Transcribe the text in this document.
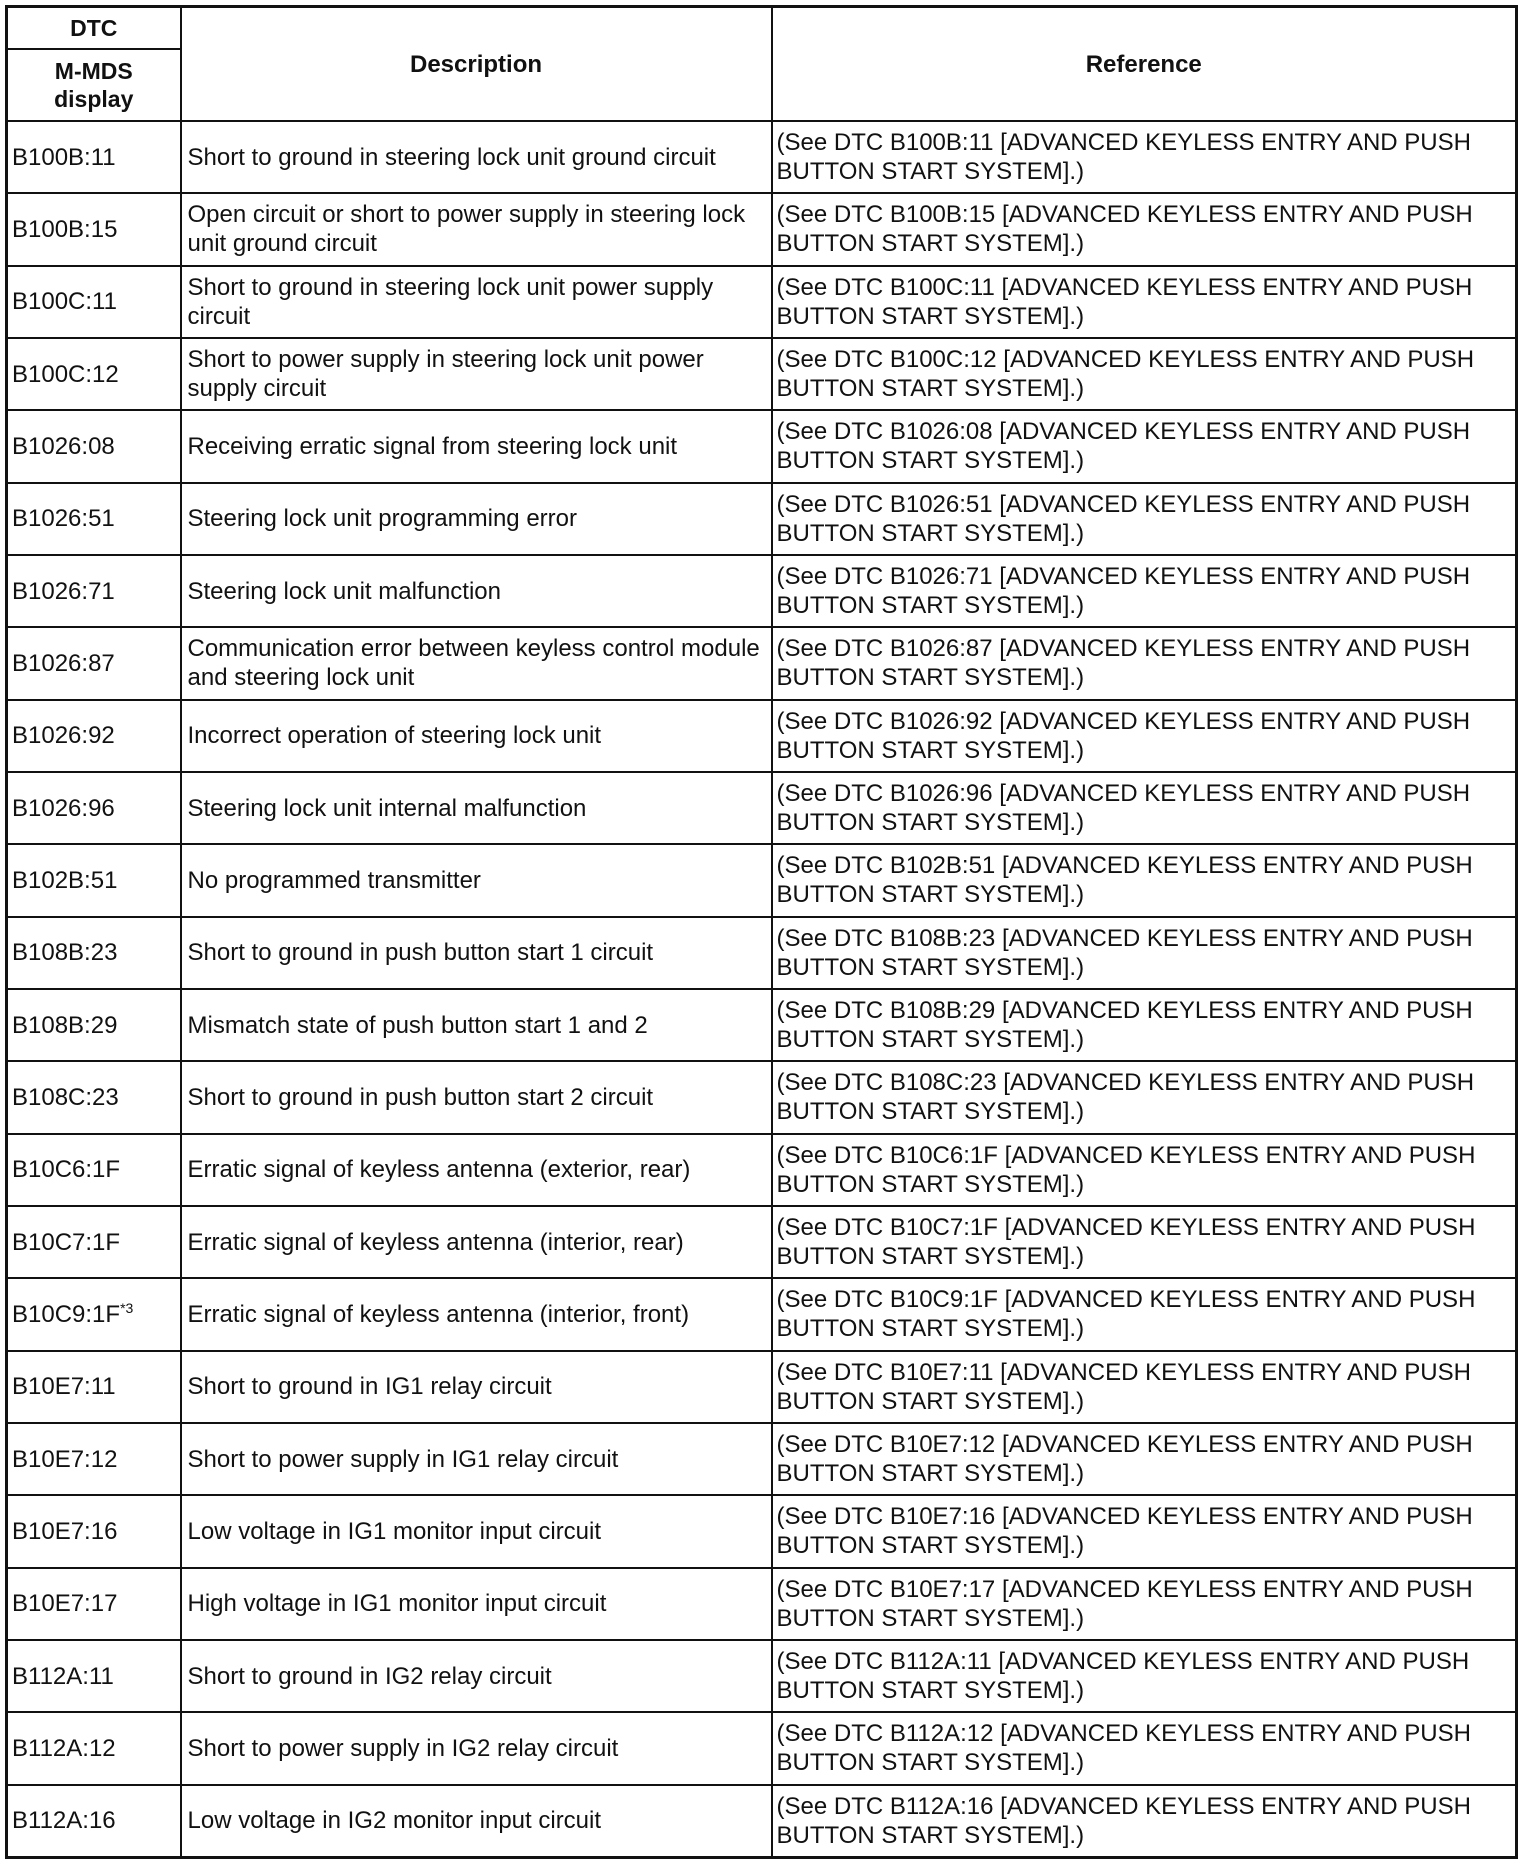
DTC	Description	Reference
M-MDS display		
B100B:11	Short to ground in steering lock unit ground circuit	(See DTC B100B:11 [ADVANCED KEYLESS ENTRY AND PUSH BUTTON START SYSTEM].)
B100B:15	Open circuit or short to power supply in steering lock unit ground circuit	(See DTC B100B:15 [ADVANCED KEYLESS ENTRY AND PUSH BUTTON START SYSTEM].)
B100C:11	Short to ground in steering lock unit power supply circuit	(See DTC B100C:11 [ADVANCED KEYLESS ENTRY AND PUSH BUTTON START SYSTEM].)
B100C:12	Short to power supply in steering lock unit power supply circuit	(See DTC B100C:12 [ADVANCED KEYLESS ENTRY AND PUSH BUTTON START SYSTEM].)
B1026:08	Receiving erratic signal from steering lock unit	(See DTC B1026:08 [ADVANCED KEYLESS ENTRY AND PUSH BUTTON START SYSTEM].)
B1026:51	Steering lock unit programming error	(See DTC B1026:51 [ADVANCED KEYLESS ENTRY AND PUSH BUTTON START SYSTEM].)
B1026:71	Steering lock unit malfunction	(See DTC B1026:71 [ADVANCED KEYLESS ENTRY AND PUSH BUTTON START SYSTEM].)
B1026:87	Communication error between keyless control module and steering lock unit	(See DTC B1026:87 [ADVANCED KEYLESS ENTRY AND PUSH BUTTON START SYSTEM].)
B1026:92	Incorrect operation of steering lock unit	(See DTC B1026:92 [ADVANCED KEYLESS ENTRY AND PUSH BUTTON START SYSTEM].)
B1026:96	Steering lock unit internal malfunction	(See DTC B1026:96 [ADVANCED KEYLESS ENTRY AND PUSH BUTTON START SYSTEM].)
B102B:51	No programmed transmitter	(See DTC B102B:51 [ADVANCED KEYLESS ENTRY AND PUSH BUTTON START SYSTEM].)
B108B:23	Short to ground in push button start 1 circuit	(See DTC B108B:23 [ADVANCED KEYLESS ENTRY AND PUSH BUTTON START SYSTEM].)
B108B:29	Mismatch state of push button start 1 and 2	(See DTC B108B:29 [ADVANCED KEYLESS ENTRY AND PUSH BUTTON START SYSTEM].)
B108C:23	Short to ground in push button start 2 circuit	(See DTC B108C:23 [ADVANCED KEYLESS ENTRY AND PUSH BUTTON START SYSTEM].)
B10C6:1F	Erratic signal of keyless antenna (exterior, rear)	(See DTC B10C6:1F [ADVANCED KEYLESS ENTRY AND PUSH BUTTON START SYSTEM].)
B10C7:1F	Erratic signal of keyless antenna (interior, rear)	(See DTC B10C7:1F [ADVANCED KEYLESS ENTRY AND PUSH BUTTON START SYSTEM].)
B10C9:1F$^{*3}$	Erratic signal of keyless antenna (interior, front)	(See DTC B10C9:1F [ADVANCED KEYLESS ENTRY AND PUSH BUTTON START SYSTEM].)
B10E7:11	Short to ground in IG1 relay circuit	(See DTC B10E7:11 [ADVANCED KEYLESS ENTRY AND PUSH BUTTON START SYSTEM].)
B10E7:12	Short to power supply in IG1 relay circuit	(See DTC B10E7:12 [ADVANCED KEYLESS ENTRY AND PUSH BUTTON START SYSTEM].)
B10E7:16	Low voltage in IG1 monitor input circuit	(See DTC B10E7:16 [ADVANCED KEYLESS ENTRY AND PUSH BUTTON START SYSTEM].)
B10E7:17	High voltage in IG1 monitor input circuit	(See DTC B10E7:17 [ADVANCED KEYLESS ENTRY AND PUSH BUTTON START SYSTEM].)
B112A:11	Short to ground in IG2 relay circuit	(See DTC B112A:11 [ADVANCED KEYLESS ENTRY AND PUSH BUTTON START SYSTEM].)
B112A:12	Short to power supply in IG2 relay circuit	(See DTC B112A:12 [ADVANCED KEYLESS ENTRY AND PUSH BUTTON START SYSTEM].)
B112A:16	Low voltage in IG2 monitor input circuit	(See DTC B112A:16 [ADVANCED KEYLESS ENTRY AND PUSH BUTTON START SYSTEM].)
